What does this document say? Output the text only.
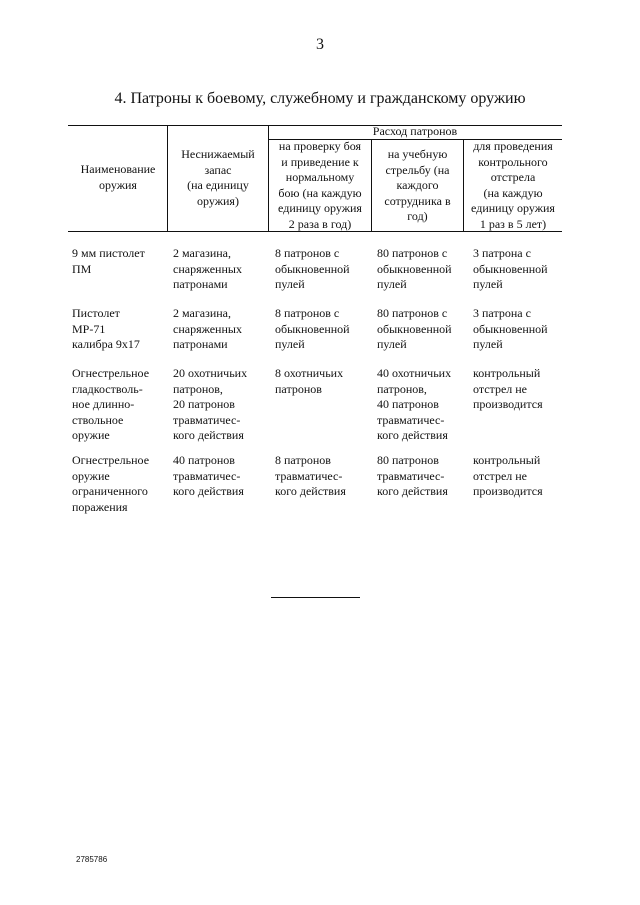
3
4. Патроны к боевому, служебному и гражданскому оружию
Расход патронов
Наименование
оружия
Неснижаемый
запас
(на единицу
оружия)
на проверку боя
и приведение к
нормальному
бою (на каждую
единицу оружия
2 раза в год)
на учебную
стрельбу (на
каждого
сотрудника в
год)
для проведения
контрольного
отстрела
(на каждую
единицу оружия
1 раз в 5 лет)
9 мм пистолет
ПМ
2 магазина,
снаряженных
патронами
8 патронов с
обыкновенной
пулей
80 патронов с
обыкновенной
пулей
3 патрона с
обыкновенной
пулей
Пистолет
МР-71
калибра 9х17
2 магазина,
снаряженных
патронами
8 патронов с
обыкновенной
пулей
80 патронов с
обыкновенной
пулей
3 патрона с
обыкновенной
пулей
Огнестрельное
гладкостволь-
ное длинно-
ствольное
оружие
20 охотничьих
патронов,
20 патронов
травматичес-
кого действия
8 охотничьих
патронов
40 охотничьих
патронов,
40 патронов
травматичес-
кого действия
контрольный
отстрел не
производится
Огнестрельное
оружие
ограниченного
поражения
40 патронов
травматичес-
кого действия
8 патронов
травматичес-
кого действия
80 патронов
травматичес-
кого действия
контрольный
отстрел не
производится
2785786
